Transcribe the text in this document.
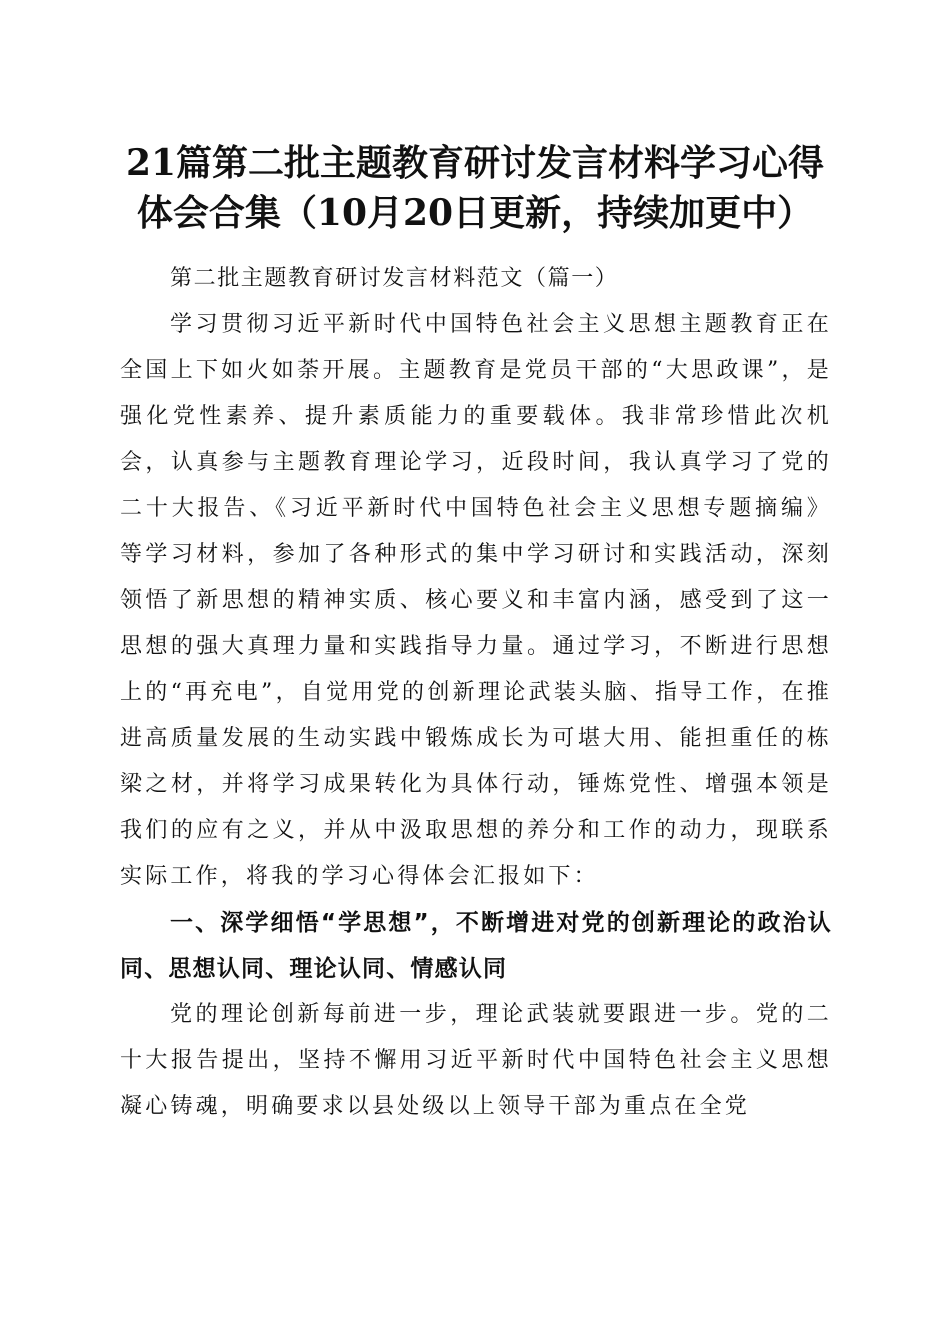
21篇第二批主题教育研讨发言材料学习心得
体会合集（10月20日更新，持续加更中）

第二批主题教育研讨发言材料范文（篇一）

学习贯彻习近平新时代中国特色社会主义思想主题教育正在全国上下如火如荼开展。主题教育是党员干部的“大思政课”，是强化党性素养、提升素质能力的重要载体。我非常珍惜此次机会，认真参与主题教育理论学习，近段时间，我认真学习了党的二十大报告、《习近平新时代中国特色社会主义思想专题摘编》等学习材料，参加了各种形式的集中学习研讨和实践活动，深刻领悟了新思想的精神实质、核心要义和丰富内涵，感受到了这一思想的强大真理力量和实践指导力量。通过学习，不断进行思想上的“再充电”，自觉用党的创新理论武装头脑、指导工作，在推进高质量发展的生动实践中锻炼成长为可堪大用、能担重任的栋梁之材，并将学习成果转化为具体行动，锤炼党性、增强本领是我们的应有之义，并从中汲取思想的养分和工作的动力，现联系实际工作，将我的学习心得体会汇报如下：

一、深学细悟“学思想”，不断增进对党的创新理论的政治认同、思想认同、理论认同、情感认同

党的理论创新每前进一步，理论武装就要跟进一步。党的二十大报告提出，坚持不懈用习近平新时代中国特色社会主义思想凝心铸魂，明确要求以县处级以上领导干部为重点在全党
